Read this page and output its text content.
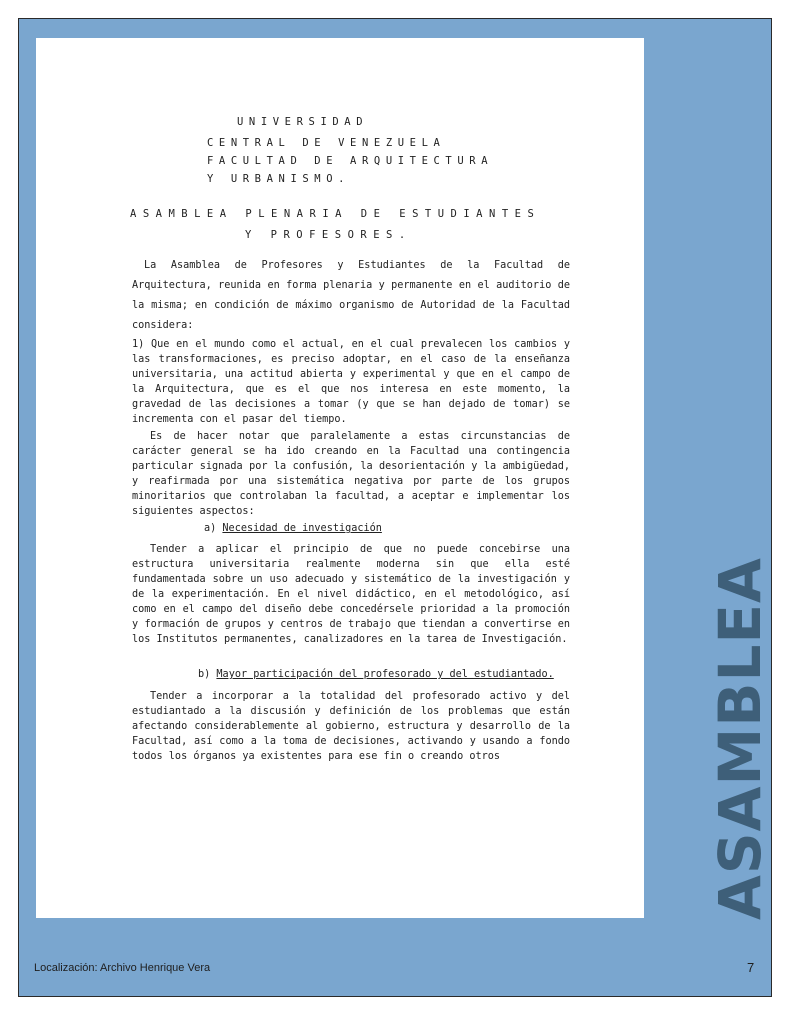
UNIVERSIDAD
CENTRAL DE VENEZUELA
FACULTAD DE ARQUITECTURA
Y URBANISMO.
ASAMBLEA PLENARIA DE ESTUDIANTES
Y PROFESORES.
La Asamblea de Profesores y Estudiantes de la Facultad de Arquitectura, reunida en forma plenaria y permanente en el auditorio de la misma; en condición de máximo organismo de Autoridad de la Facultad considera:
1) Que en el mundo como el actual, en el cual prevalecen los cambios y las transformaciones, es preciso adoptar, en el caso de la enseñanza universitaria, una actitud abierta y experimental y que en el campo de la Arquitectura, que es el que nos interesa en este momento, la gravedad de las decisiones a tomar (y que se han dejado de tomar) se incrementa con el pasar del tiempo.
Es de hacer notar que paralelamente a estas circunstancias de carácter general se ha ido creando en la Facultad una contingencia particular signada por la confusión, la desorientación y la ambigüedad, y reafirmada por una sistemática negativa por parte de los grupos minoritarios que controlaban la facultad, a aceptar e implementar los siguientes aspectos:
a) Necesidad de investigación
Tender a aplicar el principio de que no puede concebirse una estructura universitaria realmente moderna sin que ella esté fundamentada sobre un uso adecuado y sistemático de la investigación y de la experimentación. En el nivel didáctico, en el metodológico, así como en el campo del diseño debe concedérsele prioridad a la promoción y formación de grupos y centros de trabajo que tiendan a convertirse en los Institutos permanentes, canalizadores en la tarea de Investigación.
b) Mayor participación del profesorado y del estudiantado.
Tender a incorporar a la totalidad del profesorado activo y del estudiantado a la discusión y definición de los problemas que están afectando considerablemente al gobierno, estructura y desarrollo de la Facultad, así como a la toma de decisiones, activando y usando a fondo todos los órganos ya existentes para ese fin o creando otros	ASAMBLEA
Localización: Archivo Henrique Vera	7
